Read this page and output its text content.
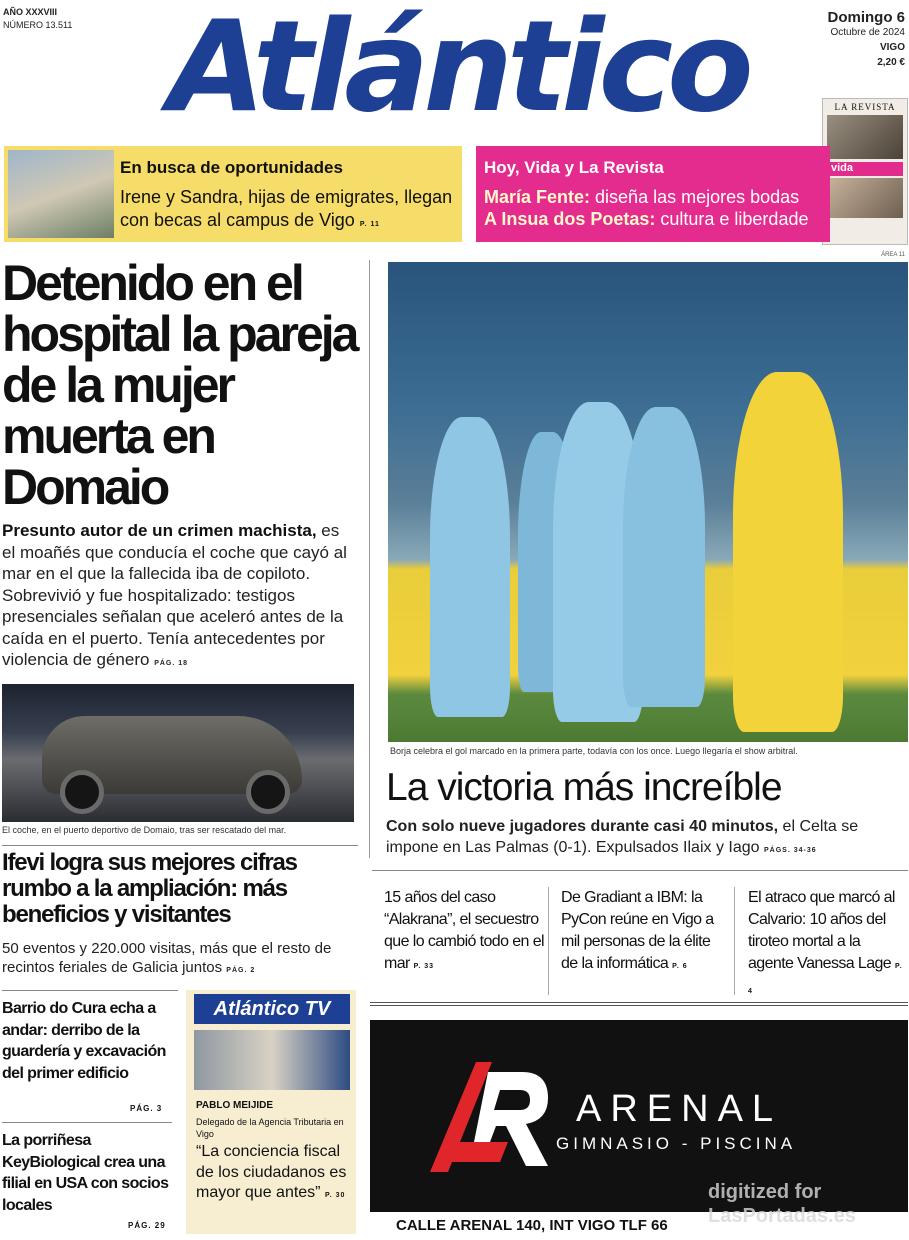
AÑO XXXVIII
NÚMERO 13.511 Atlántico	Domingo 6
Octubre de 2024
VIGO
2,20 €
LA REVISTA
vida
En busca de oportunidades
Irene y Sandra, hijas de emigrates, llegan con becas al campus de Vigo P. 11
Hoy, Vida y La Revista
María Fente: diseña las mejores bodas
A Insua dos Poetas: cultura e liberdade
Detenido en el hospital la pareja de la mujer muerta en Domaio
Presunto autor de un crimen machista, es el moañés que conducía el coche que cayó al mar en el que la fallecida iba de copiloto. Sobrevivió y fue hospitalizado: testigos presenciales señalan que aceleró antes de la caída en el puerto. Tenía antecedentes por violencia de género PÁG. 18
El coche, en el puerto deportivo de Domaio, tras ser rescatado del mar.
Ifevi logra sus mejores cifras rumbo a la ampliación: más beneficios y visitantes
50 eventos y 220.000 visitas, más que el resto de recintos feriales de Galicia juntos PÁG. 2
Barrio do Cura echa a andar: derribo de la guardería y excavación del primer edificio
PÁG. 3
La porriñesa KeyBiological crea una filial en USA con socios locales
PÁG. 29
Atlántico TV
PABLO MEIJIDE
Delegado de la Agencia Tributaria en Vigo
“La conciencia fiscal de los ciudadanos es mayor que antes” P. 30
ÁREA 11
Borja celebra el gol marcado en la primera parte, todavía con los once. Luego llegaría el show arbitral.
La victoria más increíble
Con solo nueve jugadores durante casi 40 minutos, el Celta se impone en Las Palmas (0-1). Expulsados Ilaix y Iago PÁGS. 34-36
15 años del caso “Alakrana”, el secuestro que lo cambió todo en el mar P. 33
De Gradiant a IBM: la PyCon reúne en Vigo a mil personas de la élite de la informática P. 6
El atraco que marcó al Calvario: 10 años del tiroteo mortal a la agente Vanessa Lage P. 4
ARENAL
GIMNASIO - PISCINA
CALLE ARENAL 140, INT VIGO TLF 66
digitized for
LasPortadas.es
